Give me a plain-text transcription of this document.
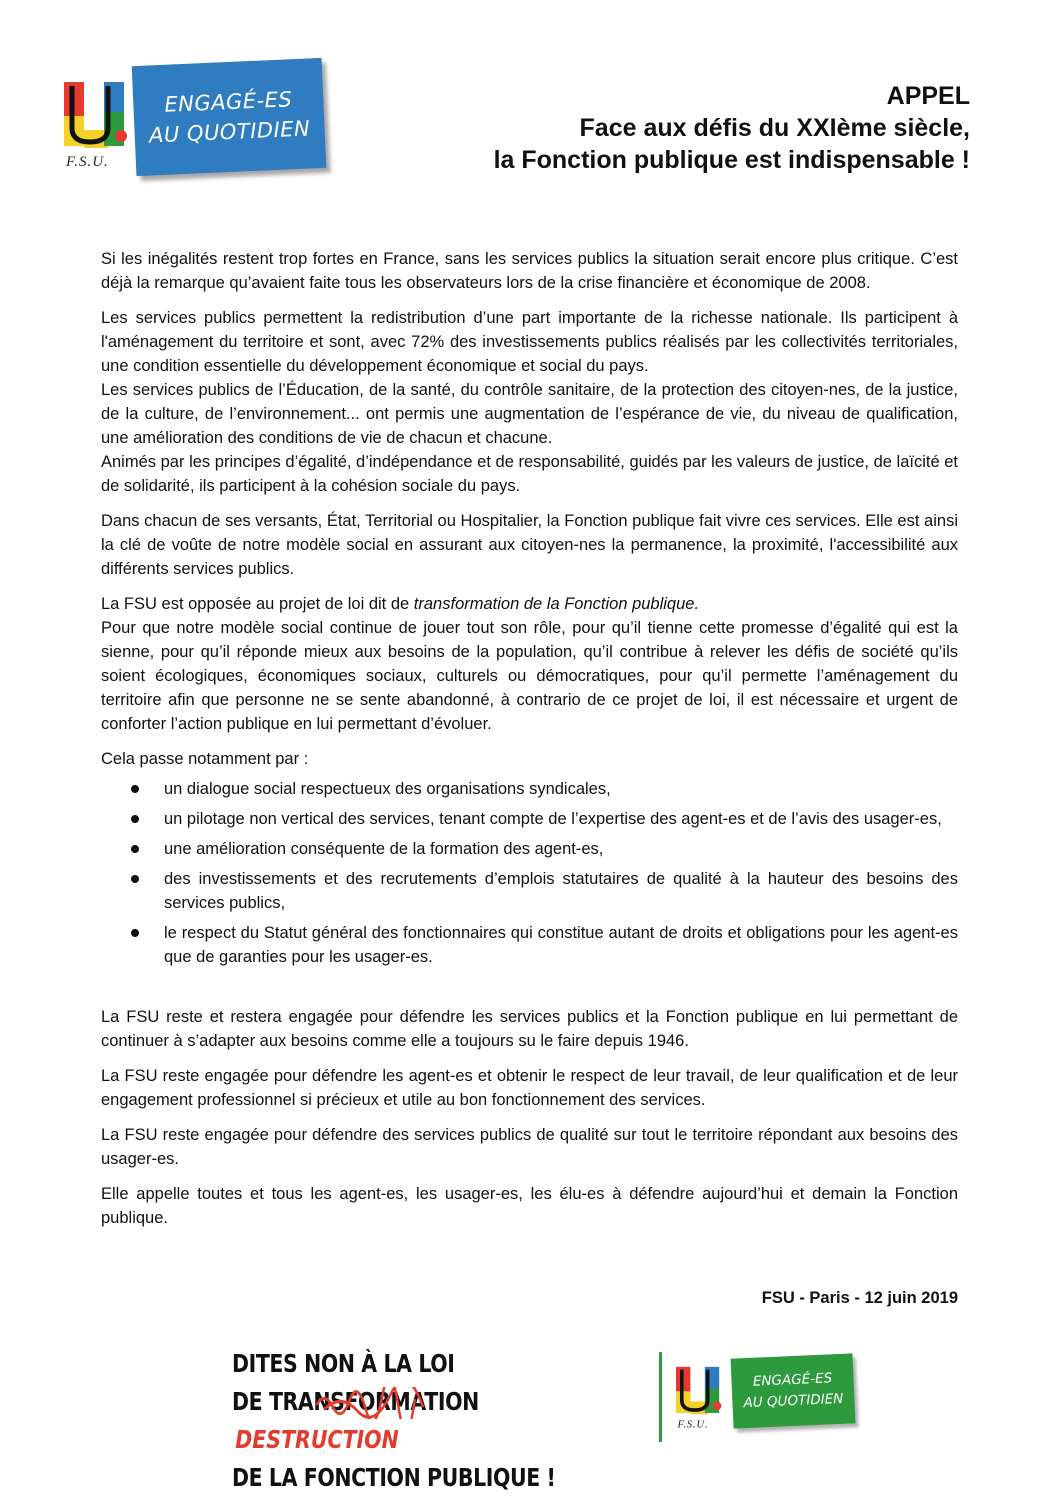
F.S.U.
ENGAGÉ-ES
AU QUOTIDIEN
APPEL
Face aux défis du XXIème siècle,
la Fonction publique est indispensable !

Si les inégalités restent trop fortes en France, sans les services publics la situation serait encore plus critique. C’est déjà la remarque qu’avaient faite tous les observateurs lors de la crise financière et économique de 2008.

Les services publics permettent la redistribution d’une part importante de la richesse nationale. Ils participent à l'aménagement du territoire et sont, avec 72% des investissements publics réalisés par les collectivités territoriales, une condition essentielle du développement économique et social du pays.

Les services publics de l’Éducation, de la santé, du contrôle sanitaire, de la protection des citoyen-nes, de la justice, de la culture, de l’environnement... ont permis une augmentation de l’espérance de vie, du niveau de qualification, une amélioration des conditions de vie de chacun et chacune.

Animés par les principes d’égalité, d’indépendance et de responsabilité, guidés par les valeurs de justice, de laïcité et de solidarité, ils participent à la cohésion sociale du pays.

Dans chacun de ses versants, État, Territorial ou Hospitalier, la Fonction publique fait vivre ces services. Elle est ainsi la clé de voûte de notre modèle social en assurant aux citoyen-nes la permanence, la proximité, l'accessibilité aux différents services publics.

La FSU est opposée au projet de loi dit de transformation de la Fonction publique.

Pour que notre modèle social continue de jouer tout son rôle, pour qu’il tienne cette promesse d’égalité qui est la sienne, pour qu’il réponde mieux aux besoins de la population, qu’il contribue à relever les défis de société qu’ils soient écologiques, économiques sociaux, culturels ou démocratiques, pour qu’il permette l’aménagement du territoire afin que personne ne se sente abandonné, à contrario de ce projet de loi, il est nécessaire et urgent de conforter l’action publique en lui permettant d’évoluer.

Cela passe notamment par :

un dialogue social respectueux des organisations syndicales,
un pilotage non vertical des services, tenant compte de l’expertise des agent-es et de l’avis des usager-es,
une amélioration conséquente de la formation des agent-es,
des investissements et des recrutements d’emplois statutaires de qualité à la hauteur des besoins des services publics,
le respect du Statut général des fonctionnaires qui constitue autant de droits et obligations pour les agent-es que de garanties pour les usager-es.

La FSU reste et restera engagée pour défendre les services publics et la Fonction publique en lui permettant de continuer à s’adapter aux besoins comme elle a toujours su le faire depuis 1946.

La FSU reste engagée pour défendre les agent-es et obtenir le respect de leur travail, de leur qualification et de leur engagement professionnel si précieux et utile au bon fonctionnement des services.

La FSU reste engagée pour défendre des services publics de qualité sur tout le territoire répondant aux besoins des usager-es.

Elle appelle toutes et tous les agent-es, les usager-es, les élu-es à défendre aujourd’hui et demain la Fonction publique.

FSU - Paris - 12 juin 2019
DITES NON À LA LOI
DE TRANSFORMATION
DESTRUCTION
DE LA FONCTION PUBLIQUE !
F.S.U.
ENGAGÉ-ES
AU QUOTIDIEN
